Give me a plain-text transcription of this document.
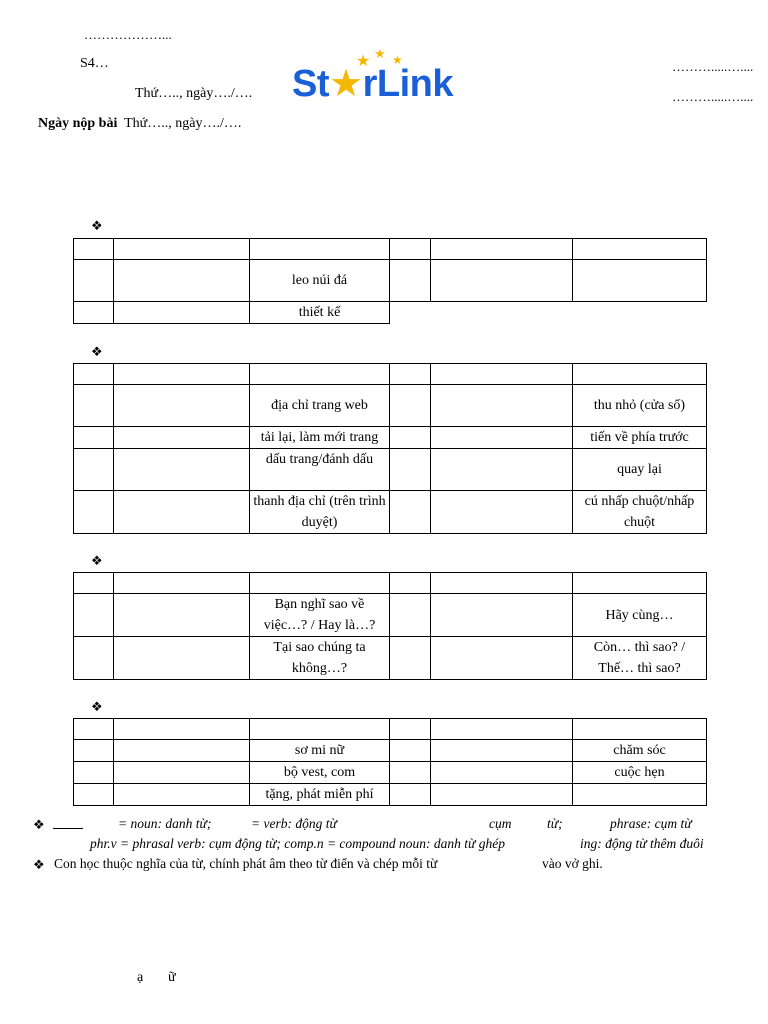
………………...
S4…
Thứ….., ngày…./….
Ngày nộp bài Thứ….., ngày…./….
……….....…....
……….....…....
★ ★ ★
St★rLink
❖
❖
❖
❖

		leo núi đá			
		thiết kế			

		địa chỉ trang web			thu nhỏ (cửa sổ)
		tải lại, làm mới trang			tiến về phía trước
		dấu trang/đánh dấu			quay lại
		thanh địa chỉ (trên trình duyệt)			cú nhấp chuột/nhấp chuột

		Bạn nghĩ sao về việc…? / Hay là…?			Hãy cùng…
		Tại sao chúng ta không…?			Còn… thì sao? / Thế… thì sao?

		sơ mi nữ			chăm sóc
		bộ vest, com			cuộc hẹn
		tặng, phát miễn phí			
❖	= noun: danh từ;	= verb: động từ	cụm	từ;	phrase: cụm từ
phr.v = phrasal verb: cụm động từ; comp.n = compound noun: danh từ ghép	ing: động từ thêm đuôi
❖ Con học thuộc nghĩa của từ, chính phát âm theo từ điển và chép mỗi từ	vào vở ghi.
ạ ữ
